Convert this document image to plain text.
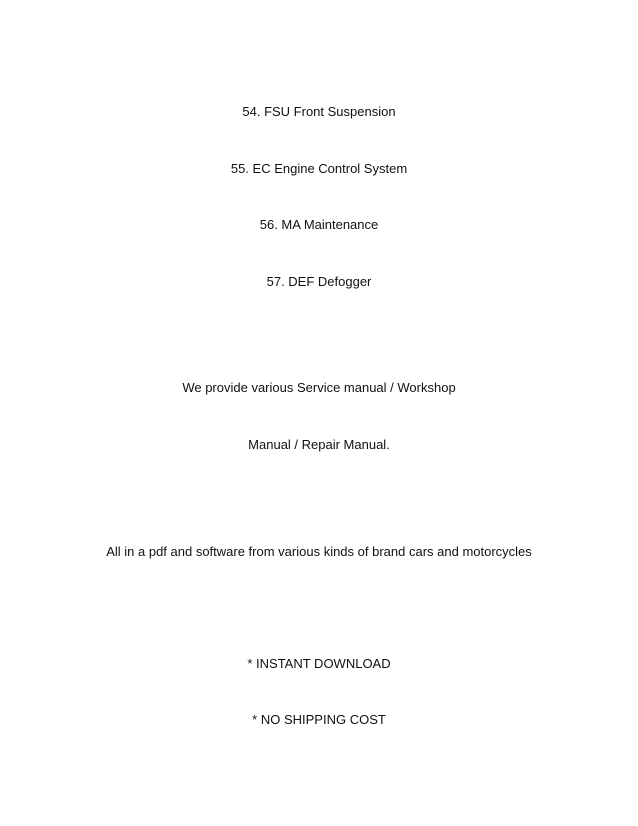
54. FSU Front Suspension
55. EC Engine Control System
56. MA Maintenance
57. DEF Defogger
We provide various Service manual / Workshop
Manual / Repair Manual.
All in a pdf and software from various kinds of brand cars and motorcycles
* INSTANT DOWNLOAD
* NO SHIPPING COST
